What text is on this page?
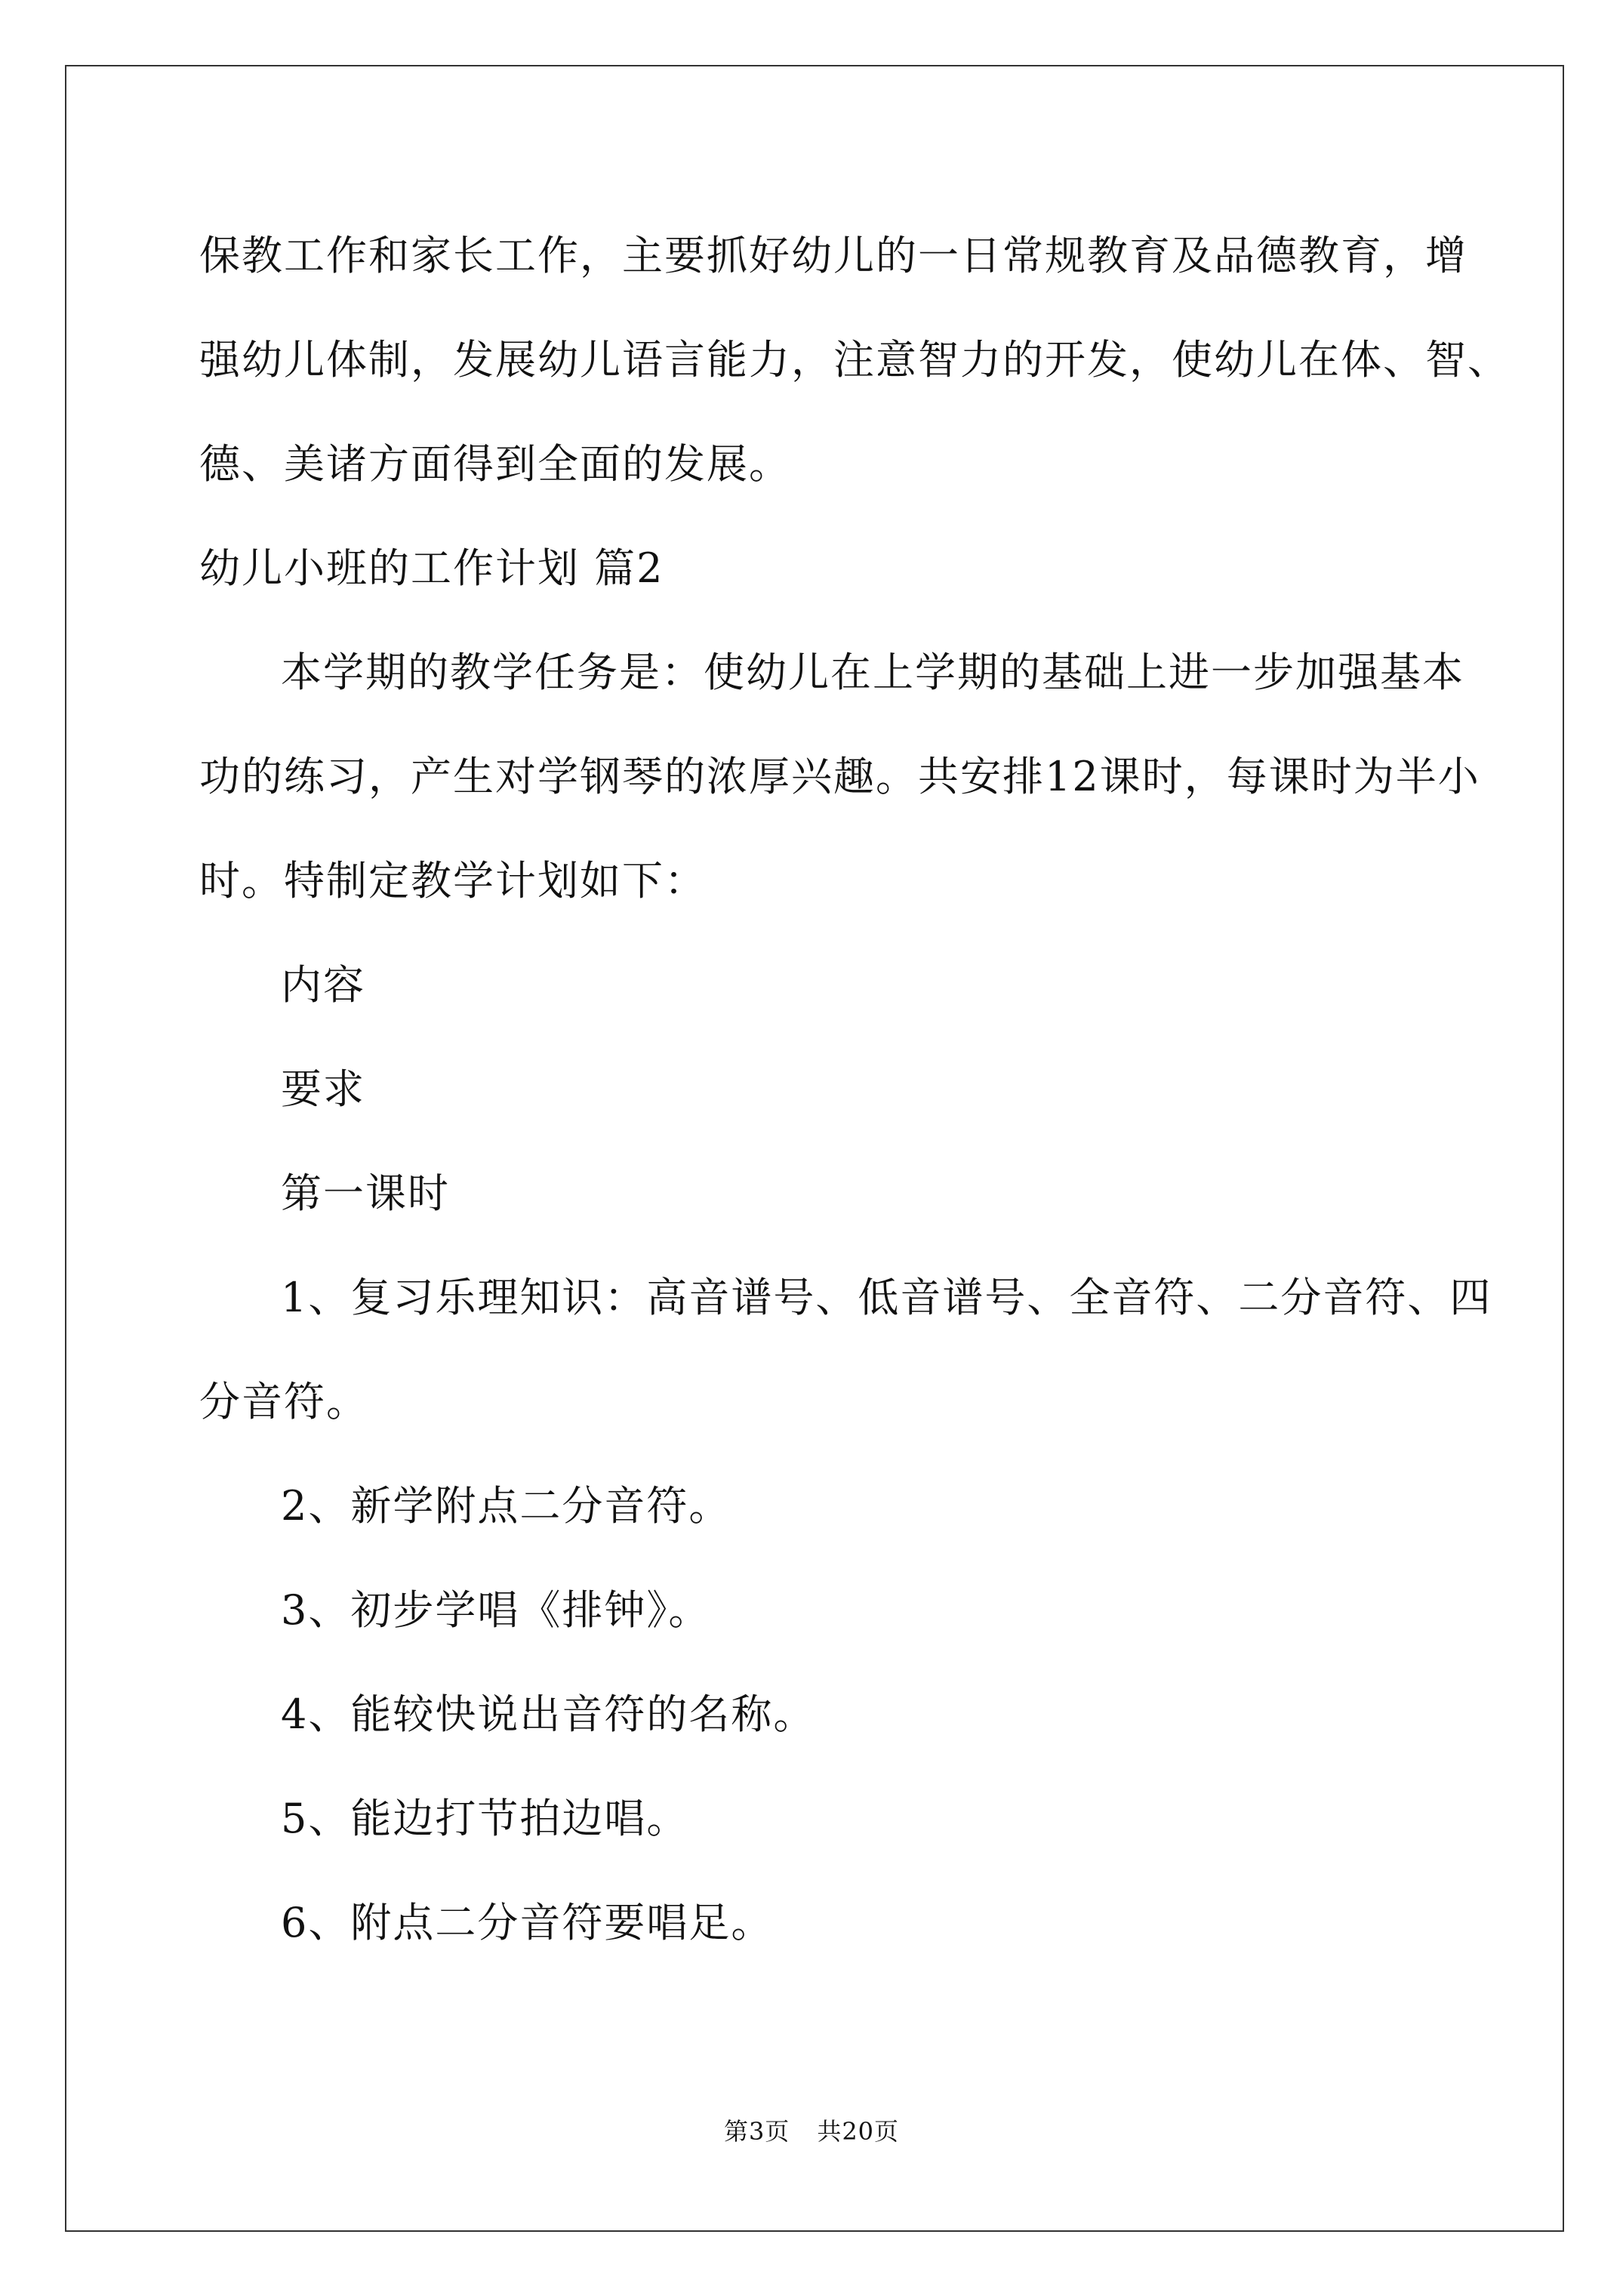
保教工作和家长工作，主要抓好幼儿的一日常规教育及品德教育，增
强幼儿体制，发展幼儿语言能力，注意智力的开发，使幼儿在体、智、
德、美诸方面得到全面的发展。
幼儿小班的工作计划 篇2
本学期的教学任务是：使幼儿在上学期的基础上进一步加强基本
功的练习，产生对学钢琴的浓厚兴趣。共安排12课时，每课时为半小
时。特制定教学计划如下：
内容
要求
第一课时
1、复习乐理知识：高音谱号、低音谱号、全音符、二分音符、四
分音符。
2、新学附点二分音符。
3、初步学唱《排钟》。
4、能较快说出音符的名称。
5、能边打节拍边唱。
6、附点二分音符要唱足。
第3页 共20页
